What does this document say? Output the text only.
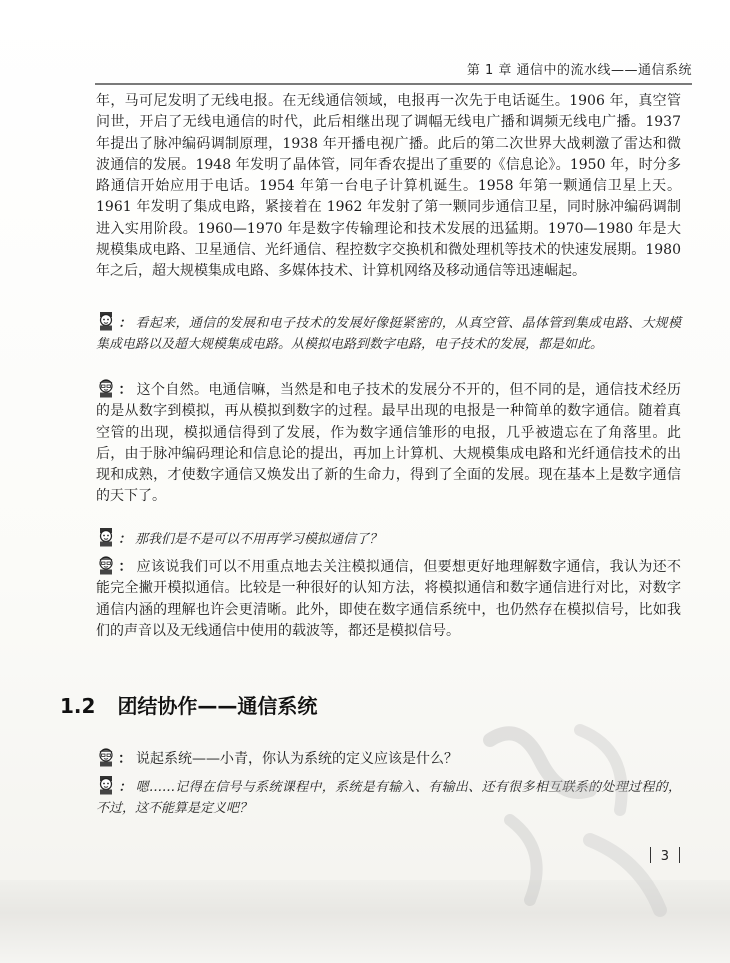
第 1 章 通信中的流水线——通信系统
年，马可尼发明了无线电报。在无线通信领域，电报再一次先于电话诞生。1906 年，真空管问世，开启了无线电通信的时代，此后相继出现了调幅无线电广播和调频无线电广播。1937 年提出了脉冲编码调制原理，1938 年开播电视广播。此后的第二次世界大战刺激了雷达和微波通信的发展。1948 年发明了晶体管，同年香农提出了重要的《信息论》。1950 年，时分多路通信开始应用于电话。1954 年第一台电子计算机诞生。1958 年第一颗通信卫星上天。1961 年发明了集成电路，紧接着在 1962 年发射了第一颗同步通信卫星，同时脉冲编码调制进入实用阶段。1960—1970 年是数字传输理论和技术发展的迅猛期。1970—1980 年是大规模集成电路、卫星通信、光纤通信、程控数字交换机和微处理机等技术的快速发展期。1980 年之后，超大规模集成电路、多媒体技术、计算机网络及移动通信等迅速崛起。
： 看起来，通信的发展和电子技术的发展好像挺紧密的，从真空管、晶体管到集成电路、大规模集成电路以及超大规模集成电路。从模拟电路到数字电路，电子技术的发展，都是如此。
： 这个自然。电通信嘛，当然是和电子技术的发展分不开的，但不同的是，通信技术经历的是从数字到模拟，再从模拟到数字的过程。最早出现的电报是一种简单的数字通信。随着真空管的出现，模拟通信得到了发展，作为数字通信雏形的电报，几乎被遗忘在了角落里。此后，由于脉冲编码理论和信息论的提出，再加上计算机、大规模集成电路和光纤通信技术的出现和成熟，才使数字通信又焕发出了新的生命力，得到了全面的发展。现在基本上是数字通信的天下了。
： 那我们是不是可以不用再学习模拟通信了？
： 应该说我们可以不用重点地去关注模拟通信，但要想更好地理解数字通信，我认为还不能完全撇开模拟通信。比较是一种很好的认知方法，将模拟通信和数字通信进行对比，对数字通信内涵的理解也许会更清晰。此外，即使在数字通信系统中，也仍然存在模拟信号，比如我们的声音以及无线通信中使用的载波等，都还是模拟信号。
1.2 团结协作——通信系统
： 说起系统——小青，你认为系统的定义应该是什么？
： 嗯……记得在信号与系统课程中，系统是有输入、有输出、还有很多相互联系的处理过程的，不过，这不能算是定义吧？
3
